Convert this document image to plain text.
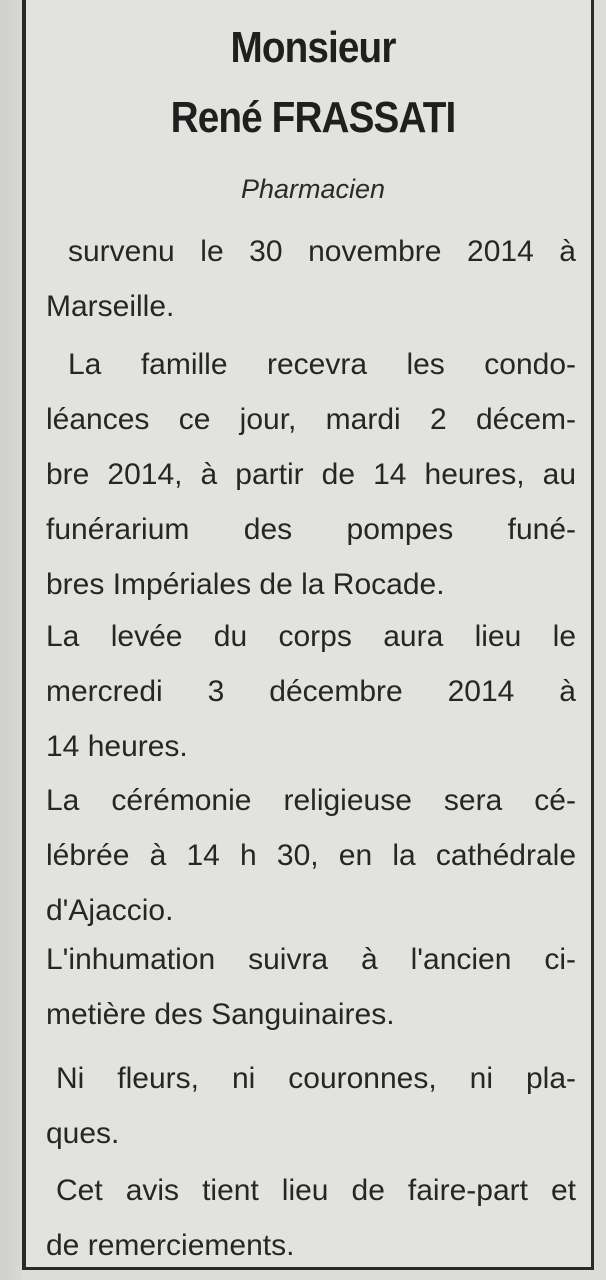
Monsieur
René FRASSATI
Pharmacien
survenu le 30 novembre 2014 à
Marseille.
La famille recevra les condo-
léances ce jour, mardi 2 décem-
bre 2014, à partir de 14 heures, au
funérarium des pompes funé-
bres Impériales de la Rocade.
La levée du corps aura lieu le
mercredi 3 décembre 2014 à
14 heures.
La cérémonie religieuse sera cé-
lébrée à 14 h 30, en la cathédrale
d'Ajaccio.
L'inhumation suivra à l'ancien ci-
metière des Sanguinaires.
Ni fleurs, ni couronnes, ni pla-
ques.
Cet avis tient lieu de faire-part et
de remerciements.
